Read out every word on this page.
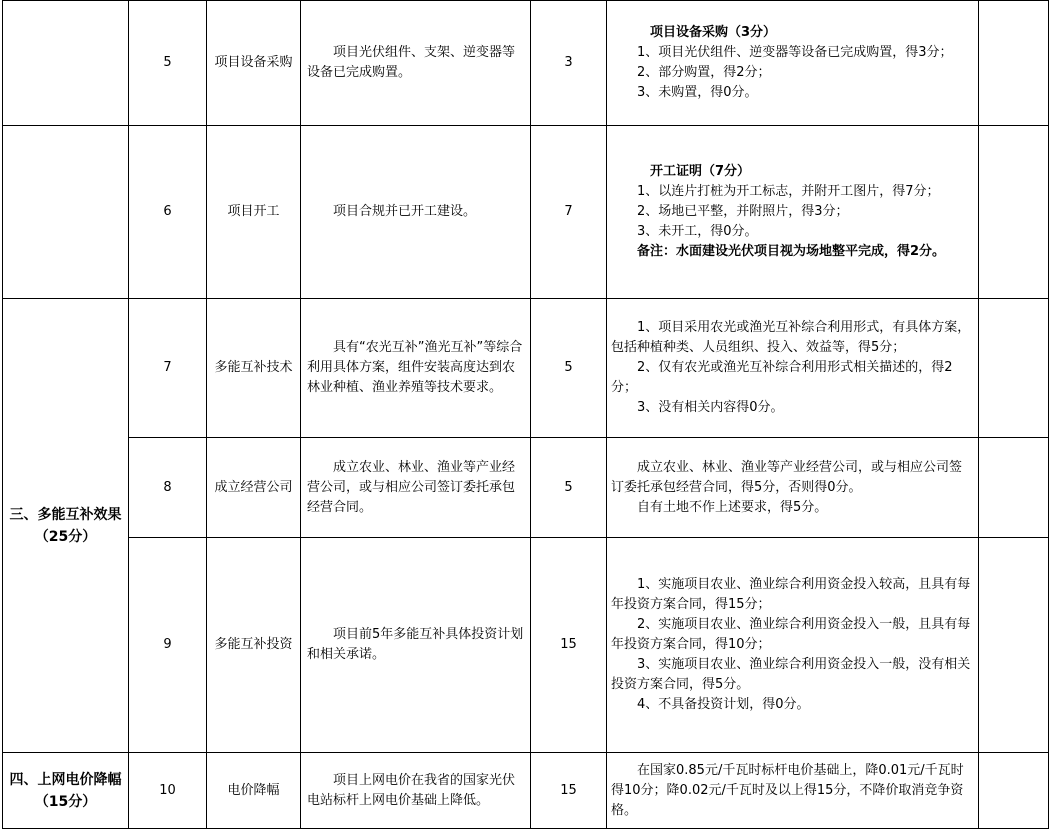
	5	项目设备采购	项目光伏组件、支架、逆变器等设备已完成购置。	3	项目设备采购（3分）
1、项目光伏组件、逆变器等设备已完成购置，得3分；
2、部分购置，得2分；
3、未购置，得0分。	

	6	项目开工	项目合规并已开工建设。	7	开工证明（7分）
1、以连片打桩为开工标志，并附开工图片，得7分；
2、场地已平整，并附照片，得3分；
3、未开工，得0分。
备注：水面建设光伏项目视为场地整平完成，得2分。	

三、多能互补效果（25分）	7	多能互补技术	具有“农光互补”渔光互补”等综合利用具体方案，组件安装高度达到农林业种植、渔业养殖等技术要求。	5	1、项目采用农光或渔光互补综合利用形式，有具体方案，包括种植种类、人员组织、投入、效益等，得5分；
2、仅有农光或渔光互补综合利用形式相关描述的，得2分；
3、没有相关内容得0分。	

	8	成立经营公司	成立农业、林业、渔业等产业经营公司，或与相应公司签订委托承包经营合同。	5	成立农业、林业、渔业等产业经营公司，或与相应公司签订委托承包经营合同，得5分，否则得0分。
自有土地不作上述要求，得5分。	

	9	多能互补投资	项目前5年多能互补具体投资计划和相关承诺。	15	1、实施项目农业、渔业综合利用资金投入较高，且具有每年投资方案合同，得15分；
2、实施项目农业、渔业综合利用资金投入一般，且具有每年投资方案合同，得10分；
3、实施项目农业、渔业综合利用资金投入一般，没有相关投资方案合同，得5分。
4、不具备投资计划，得0分。	

四、上网电价降幅（15分）	10	电价降幅	项目上网电价在我省的国家光伏电站标杆上网电价基础上降低。	15	在国家0.85元/千瓦时标杆电价基础上，降0.01元/千瓦时得10分；降0.02元/千瓦时及以上得15分，不降价取消竞争资格。	
